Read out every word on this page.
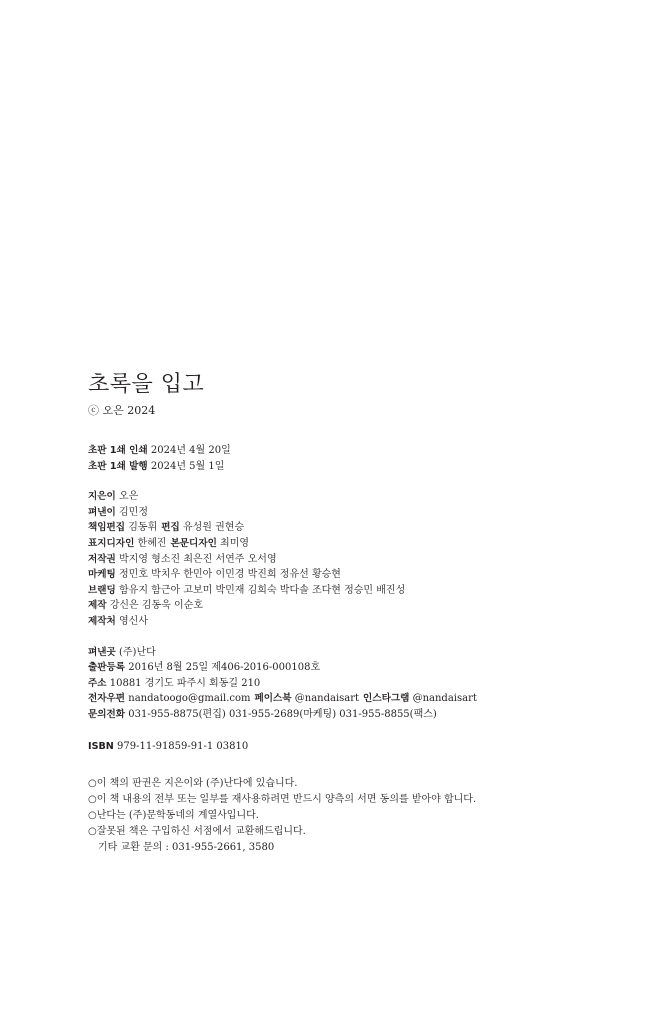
초록을 입고
ⓒ 오은 2024
초판 1쇄 인쇄 2024년 4월 20일
초판 1쇄 발행 2024년 5월 1일
지은이 오은
펴낸이 김민정
책임편집 김동휘 편집 유성원 권현승
표지디자인 한혜진 본문디자인 최미영
저작권 박지영 형소진 최은진 서연주 오서영
마케팅 정민호 박치우 한민아 이민경 박진희 정유선 황승현
브랜딩 함유지 함근아 고보미 박민재 김희숙 박다솔 조다현 정승민 배진성
제작 강신은 김동욱 이순호
제작처 영신사
펴낸곳 (주)난다
출판등록 2016년 8월 25일 제406-2016-000108호
주소 10881 경기도 파주시 회동길 210
전자우편 nandatoogo@gmail.com 페이스북 @nandaisart 인스타그램 @nandaisart
문의전화 031-955-8875(편집) 031-955-2689(마케팅) 031-955-8855(팩스)
ISBN 979-11-91859-91-1 03810
○이 책의 판권은 지은이와 (주)난다에 있습니다.
○이 책 내용의 전부 또는 일부를 재사용하려면 반드시 양측의 서면 동의를 받아야 합니다.
○난다는 (주)문학동네의 계열사입니다.
○잘못된 책은 구입하신 서점에서 교환해드립니다.
기타 교환 문의 : 031-955-2661, 3580
